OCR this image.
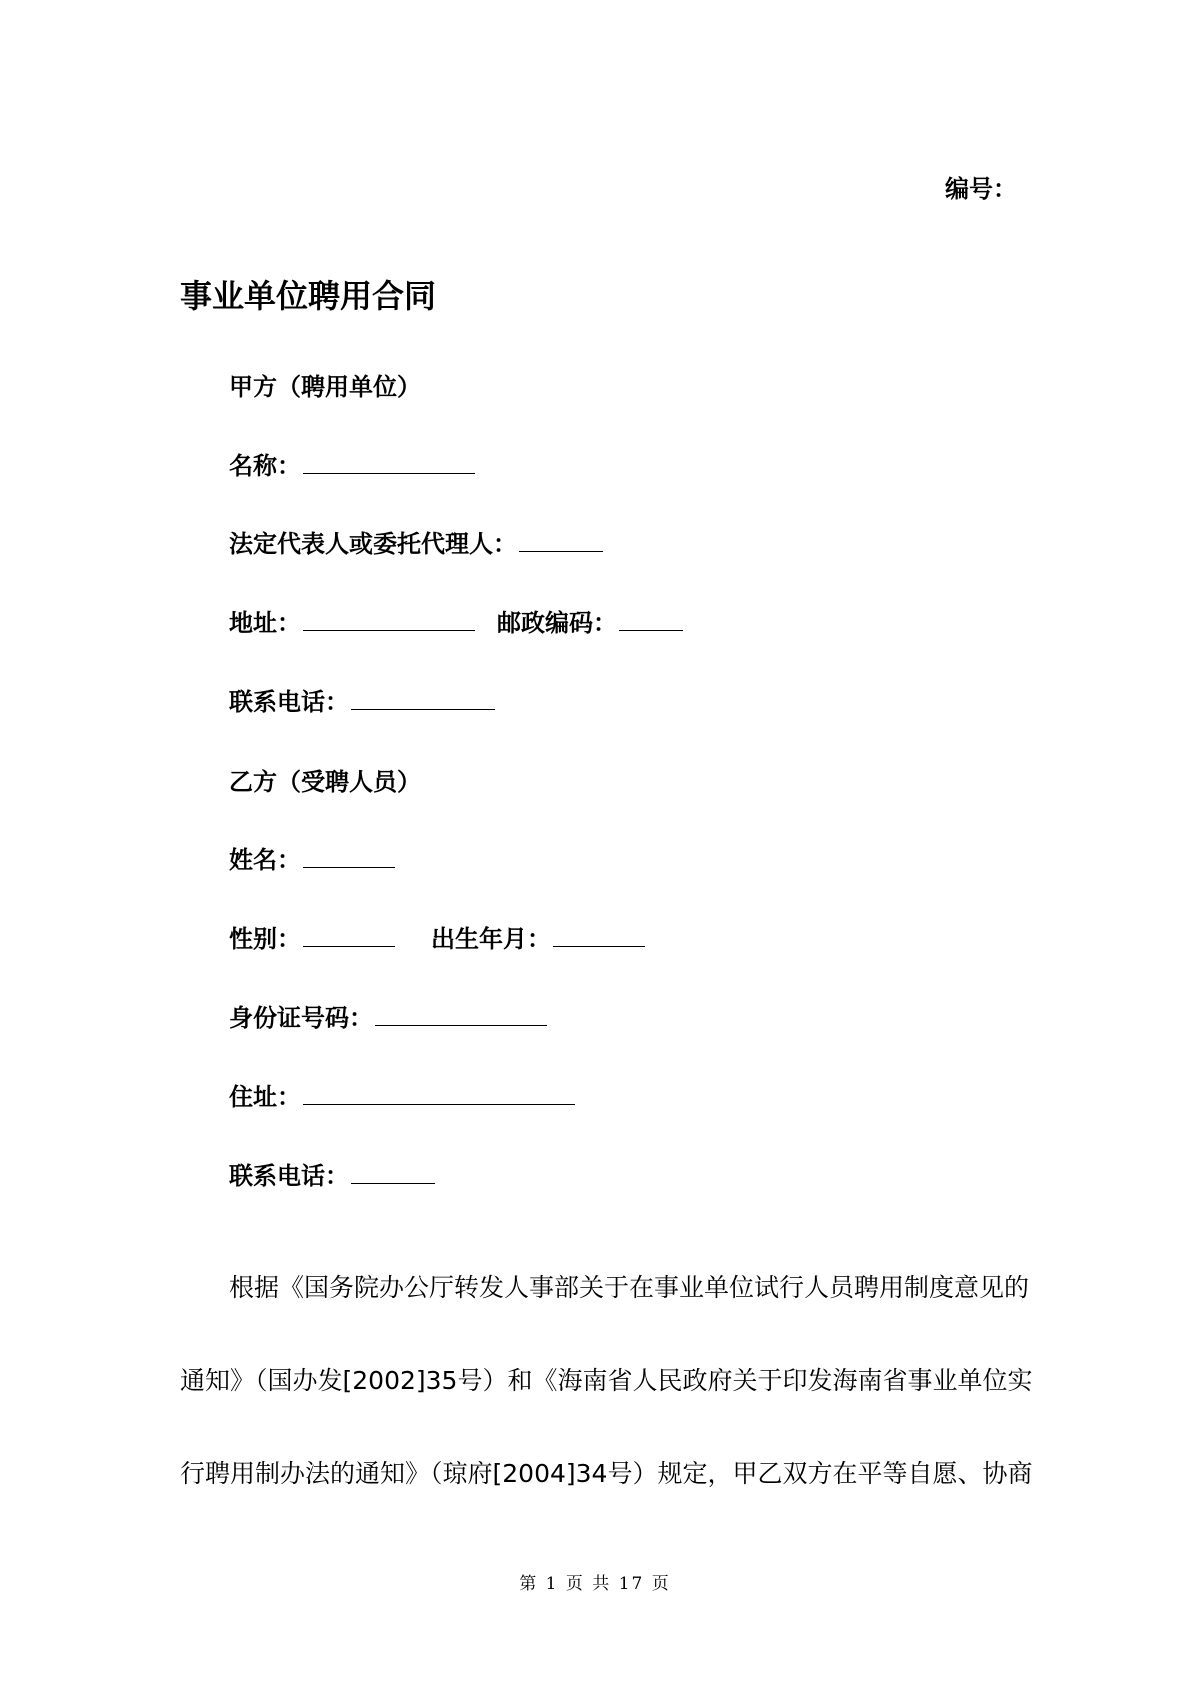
编号：
事业单位聘用合同
甲方（聘用单位）
名称：
法定代表人或委托代理人：
地址：	邮政编码：
联系电话：
乙方（受聘人员）
姓名：
性别：	出生年月：
身份证号码：
住址：
联系电话：
根据《国务院办公厅转发人事部关于在事业单位试行人员聘用制度意见的
通知》（国办发[2002]35号）和《海南省人民政府关于印发海南省事业单位实
行聘用制办法的通知》（琼府[2004]34号）规定，甲乙双方在平等自愿、协商
第 1 页 共 17 页
